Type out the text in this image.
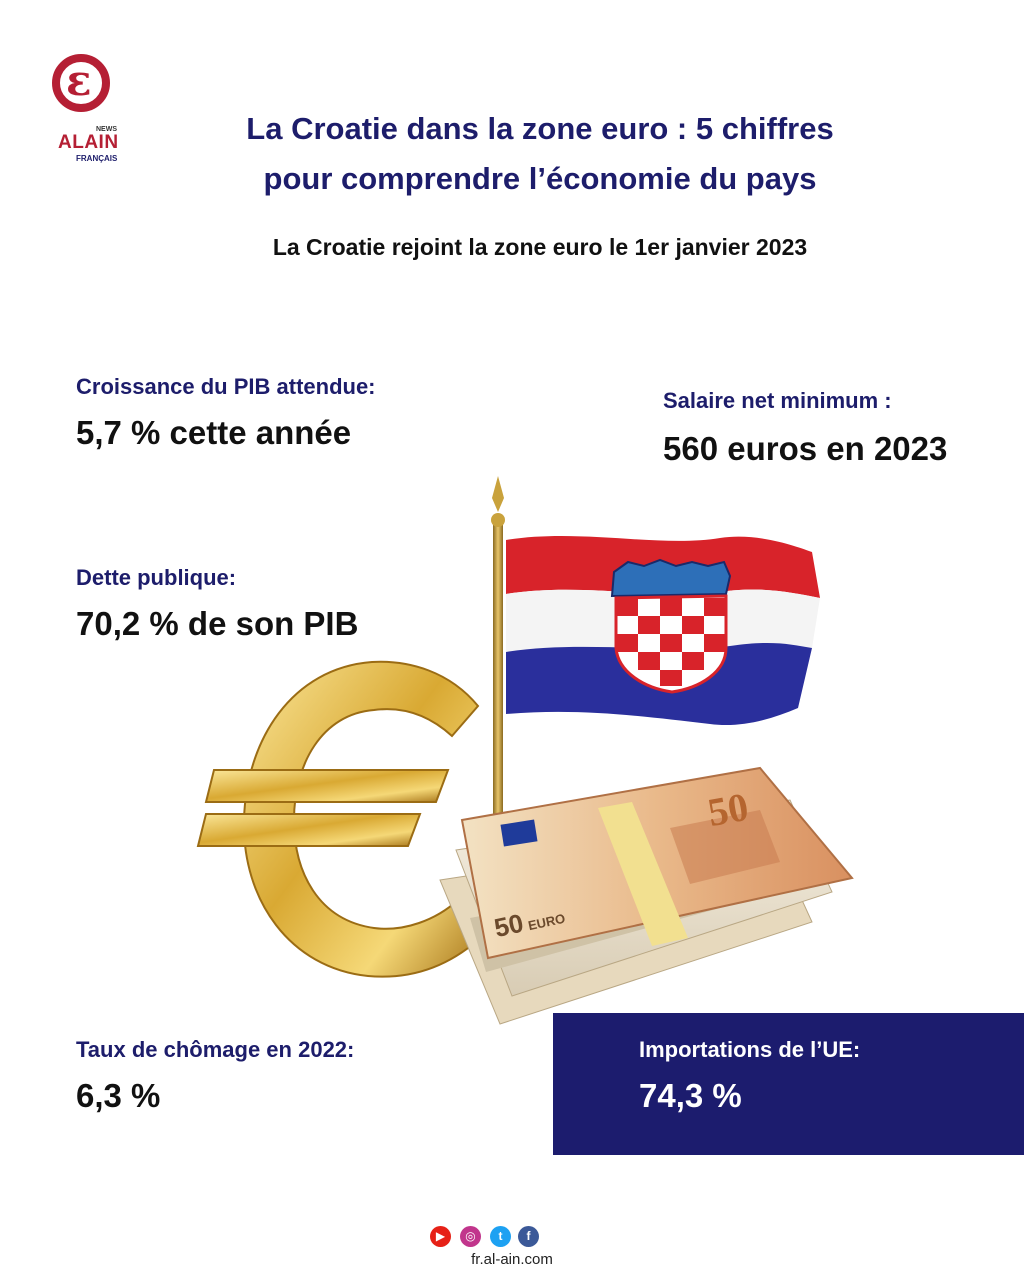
ɛ
NEWS
ALAIN
FRANÇAIS
La Croatie dans la zone euro : 5 chiffres
pour comprendre l’économie du pays
La Croatie rejoint la zone euro le 1er janvier 2023
50
50 EURO
Croissance du PIB attendue:
5,7 % cette année
Salaire net minimum :
560 euros en 2023
Dette publique:
70,2 % de son PIB
Taux de chômage en 2022:
6,3 %
Importations de l’UE:
74,3 %
▶	◎	t	f
fr.al-ain.com
